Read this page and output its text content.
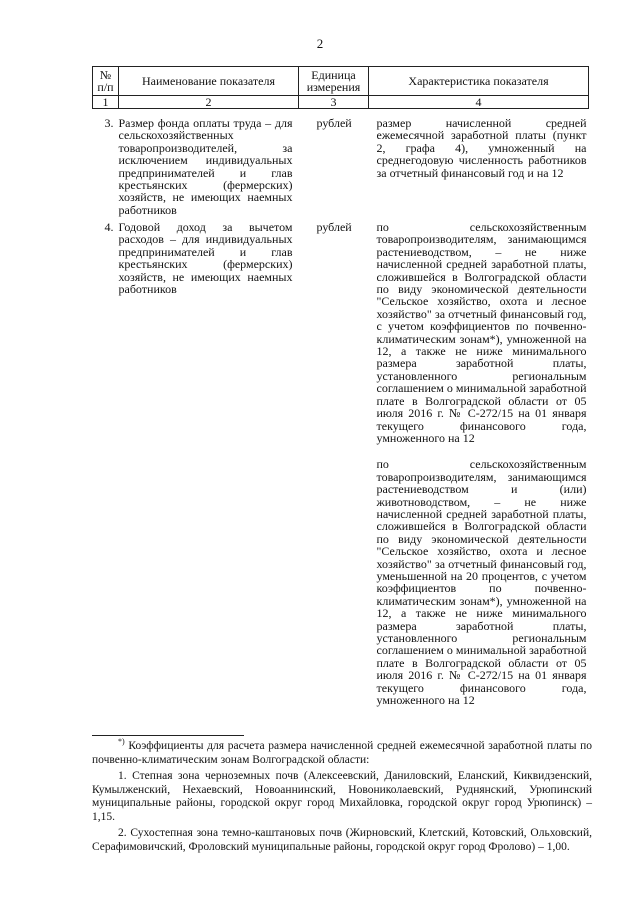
2
№ п/п	Наименование показателя	Единица измерения	Характеристика показателя
1	2	3	4
3.	Размер фонда оплаты труда – для сельскохозяйственных товаропроизводителей, за исключением индивидуальных предпринимателей и глав крестьянских (фермерских) хозяйств, не имеющих наемных работников	рублей	размер начисленной средней ежемесячной заработной платы (пункт 2, графа 4), умноженный на среднегодовую численность работников за отчетный финансовый год и на 12

4.	Годовой доход за вычетом расходов – для индивидуальных предпринимателей и глав крестьянских (фермерских) хозяйств, не имеющих наемных работников	рублей	по сельскохозяйственным товаропроизводителям, занимающимся растениеводством, – не ниже начисленной средней заработной платы, сложившейся в Волгоградской области по виду экономической деятельности "Сельское хозяйство, охота и лесное хозяйство" за отчетный финансовый год, с учетом коэффициентов по почвенно-климатическим зонам*), умноженной на 12, а также не ниже минимального размера заработной платы, установленного региональным соглашением о минимальной заработной плате в Волгоградской области от 05 июля 2016 г. № С-272/15 на 01 января текущего финансового года, умноженного на 12
по сельскохозяйственным товаропроизводителям, занимающимся растениеводством и (или) животноводством, – не ниже начисленной средней заработной платы, сложившейся в Волгоградской области по виду экономической деятельности "Сельское хозяйство, охота и лесное хозяйство" за отчетный финансовый год, уменьшенной на 20 процентов, с учетом коэффициентов по почвенно-климатическим зонам*), умноженной на 12, а также не ниже минимального размера заработной платы, установленного региональным соглашением о минимальной заработной плате в Волгоградской области от 05 июля 2016 г. № С-272/15 на 01 января текущего финансового года, умноженного на 12

*) Коэффициенты для расчета размера начисленной средней ежемесячной заработной платы по почвенно-климатическим зонам Волгоградской области:

1. Степная зона черноземных почв (Алексеевский, Даниловский, Еланский, Киквидзенский, Кумылженский, Нехаевский, Новоаннинский, Новониколаевский, Руднянский, Урюпинский муниципальные районы, городской округ город Михайловка, городской округ город Урюпинск) – 1,15.

2. Сухостепная зона темно-каштановых почв (Жирновский, Клетский, Котовский, Ольховский, Серафимовичский, Фроловский муниципальные районы, городской округ город Фролово) – 1,00.
